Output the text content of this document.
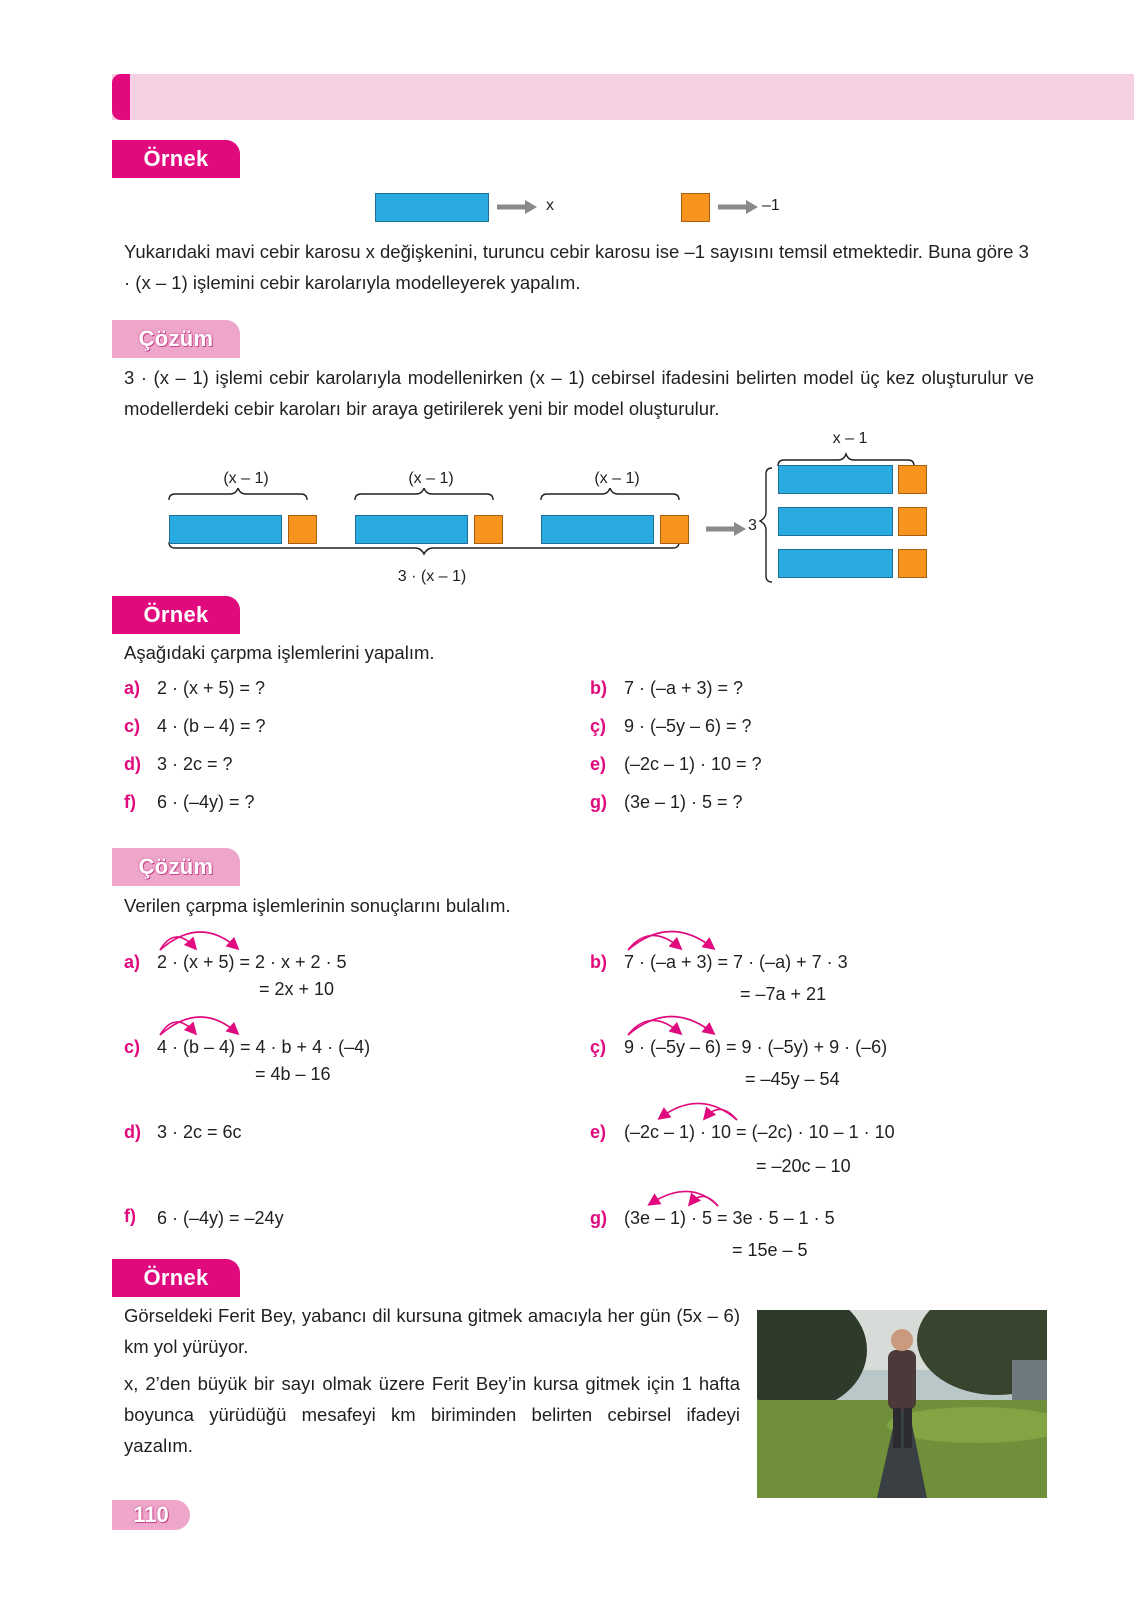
Örnek
x	–1
Yukarıdaki mavi cebir karosu x değişkenini, turuncu cebir karosu ise –1 sayısını temsil etmektedir. Buna göre 3 · (x – 1) işlemini cebir karolarıyla modelleyerek yapalım.
Çözüm
3 · (x – 1) işlemi cebir karolarıyla modellenirken (x – 1) cebirsel ifadesini belirten model üç kez oluşturulur ve modellerdeki cebir karoları bir araya getirilerek yeni bir model oluşturulur.
(x – 1)	(x – 1)	(x – 1)
3 · (x – 1)
x – 1
3
Örnek
Aşağıdaki çarpma işlemlerini yapalım.
a) 2 · (x + 5) = ?	b) 7 · (–a + 3) = ?
c) 4 · (b – 4) = ?	ç) 9 · (–5y – 6) = ?
d) 3 · 2c = ?	e) (–2c – 1) · 10 = ?
f) 6 · (–4y) = ?	g) (3e – 1) · 5 = ?
Çözüm
Verilen çarpma işlemlerinin sonuçlarını bulalım.
a) 2 · (x + 5) = 2 · x + 2 · 5
= 2x + 10
b) 7 · (–a + 3) = 7 · (–a) + 7 · 3
= –7a + 21
c) 4 · (b – 4) = 4 · b + 4 · (–4)
= 4b – 16
ç) 9 · (–5y – 6) = 9 · (–5y) + 9 · (–6)
= –45y – 54
d) 3 · 2c = 6c	e) (–2c – 1) · 10 = (–2c) · 10 – 1 · 10
= –20c – 10
f) 6 · (–4y) = –24y	g) (3e – 1) · 5 = 3e · 5 – 1 · 5
= 15e – 5
Örnek
Görseldeki Ferit Bey, yabancı dil kursuna gitmek amacıyla her gün (5x – 6) km yol yürüyor.
x, 2’den büyük bir sayı olmak üzere Ferit Bey’in kursa gitmek için 1 hafta boyunca yürüdüğü mesafeyi km biriminden belirten cebirsel ifadeyi yazalım.
110
